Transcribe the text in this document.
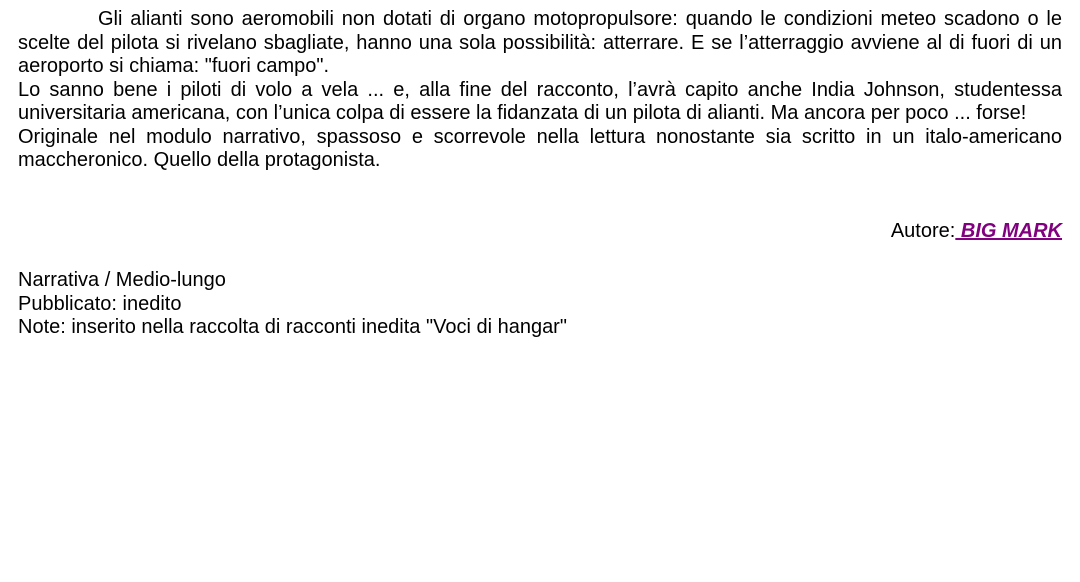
Gli alianti sono aeromobili non dotati di organo motopropulsore: quando le condizioni meteo scadono o le scelte del pilota si rivelano sbagliate, hanno una sola possibilità: atterrare. E se l’atterraggio avviene al di fuori di un aeroporto si chiama: "fuori campo".

Lo sanno bene i piloti di volo a vela ... e, alla fine del racconto, l’avrà capito anche India Johnson, studentessa universitaria americana, con l’unica colpa di essere la fidanzata di un pilota di alianti. Ma ancora per poco ... forse!

Originale nel modulo narrativo, spassoso e scorrevole nella lettura nonostante sia scritto in un italo-americano maccheronico. Quello della protagonista.

Autore: BIG MARK

Narrativa / Medio-lungo
Pubblicato: inedito
Note: inserito nella raccolta di racconti inedita "Voci di hangar"
